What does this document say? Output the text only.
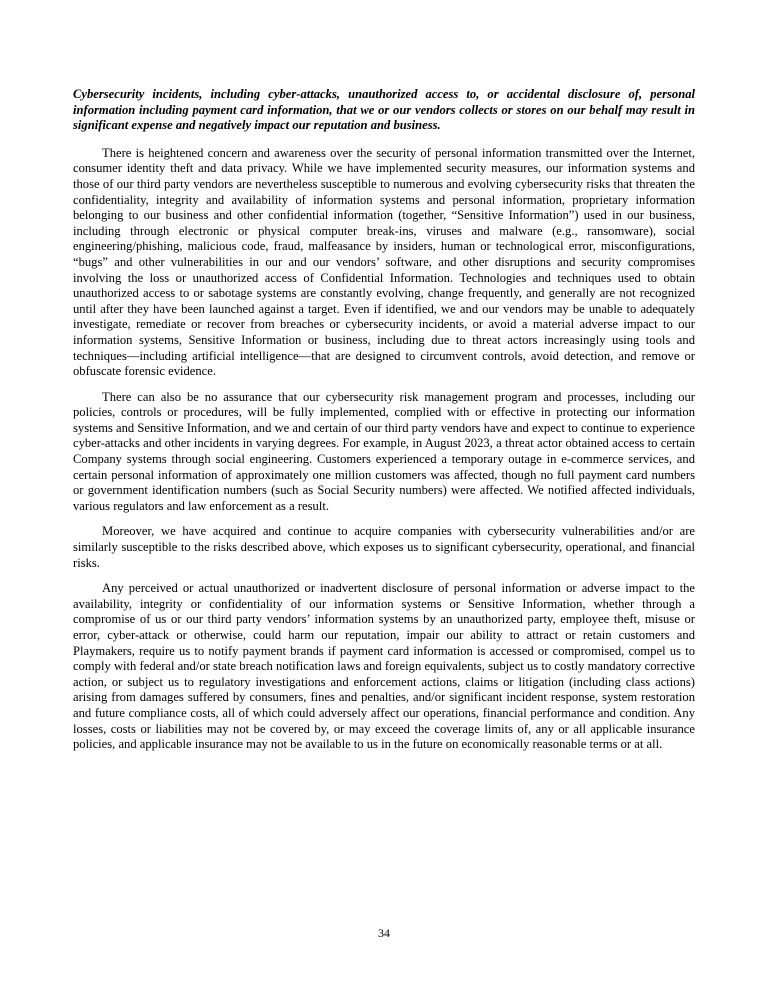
Cybersecurity incidents, including cyber-attacks, unauthorized access to, or accidental disclosure of, personal information including payment card information, that we or our vendors collects or stores on our behalf may result in significant expense and negatively impact our reputation and business.

There is heightened concern and awareness over the security of personal information transmitted over the Internet, consumer identity theft and data privacy. While we have implemented security measures, our information systems and those of our third party vendors are nevertheless susceptible to numerous and evolving cybersecurity risks that threaten the confidentiality, integrity and availability of information systems and personal information, proprietary information belonging to our business and other confidential information (together, “Sensitive Information”) used in our business, including through electronic or physical computer break-ins, viruses and malware (e.g., ransomware), social engineering/phishing, malicious code, fraud, malfeasance by insiders, human or technological error, misconfigurations, “bugs” and other vulnerabilities in our and our vendors’ software, and other disruptions and security compromises involving the loss or unauthorized access of Confidential Information. Technologies and techniques used to obtain unauthorized access to or sabotage systems are constantly evolving, change frequently, and generally are not recognized until after they have been launched against a target. Even if identified, we and our vendors may be unable to adequately investigate, remediate or recover from breaches or cybersecurity incidents, or avoid a material adverse impact to our information systems, Sensitive Information or business, including due to threat actors increasingly using tools and techniques—including artificial intelligence—that are designed to circumvent controls, avoid detection, and remove or obfuscate forensic evidence.

There can also be no assurance that our cybersecurity risk management program and processes, including our policies, controls or procedures, will be fully implemented, complied with or effective in protecting our information systems and Sensitive Information, and we and certain of our third party vendors have and expect to continue to experience cyber-attacks and other incidents in varying degrees. For example, in August 2023, a threat actor obtained access to certain Company systems through social engineering. Customers experienced a temporary outage in e-commerce services, and certain personal information of approximately one million customers was affected, though no full payment card numbers or government identification numbers (such as Social Security numbers) were affected. We notified affected individuals, various regulators and law enforcement as a result.

Moreover, we have acquired and continue to acquire companies with cybersecurity vulnerabilities and/or are similarly susceptible to the risks described above, which exposes us to significant cybersecurity, operational, and financial risks.

Any perceived or actual unauthorized or inadvertent disclosure of personal information or adverse impact to the availability, integrity or confidentiality of our information systems or Sensitive Information, whether through a compromise of us or our third party vendors’ information systems by an unauthorized party, employee theft, misuse or error, cyber-attack or otherwise, could harm our reputation, impair our ability to attract or retain customers and Playmakers, require us to notify payment brands if payment card information is accessed or compromised, compel us to comply with federal and/or state breach notification laws and foreign equivalents, subject us to costly mandatory corrective action, or subject us to regulatory investigations and enforcement actions, claims or litigation (including class actions) arising from damages suffered by consumers, fines and penalties, and/or significant incident response, system restoration and future compliance costs, all of which could adversely affect our operations, financial performance and condition. Any losses, costs or liabilities may not be covered by, or may exceed the coverage limits of, any or all applicable insurance policies, and applicable insurance may not be available to us in the future on economically reasonable terms or at all.

34
